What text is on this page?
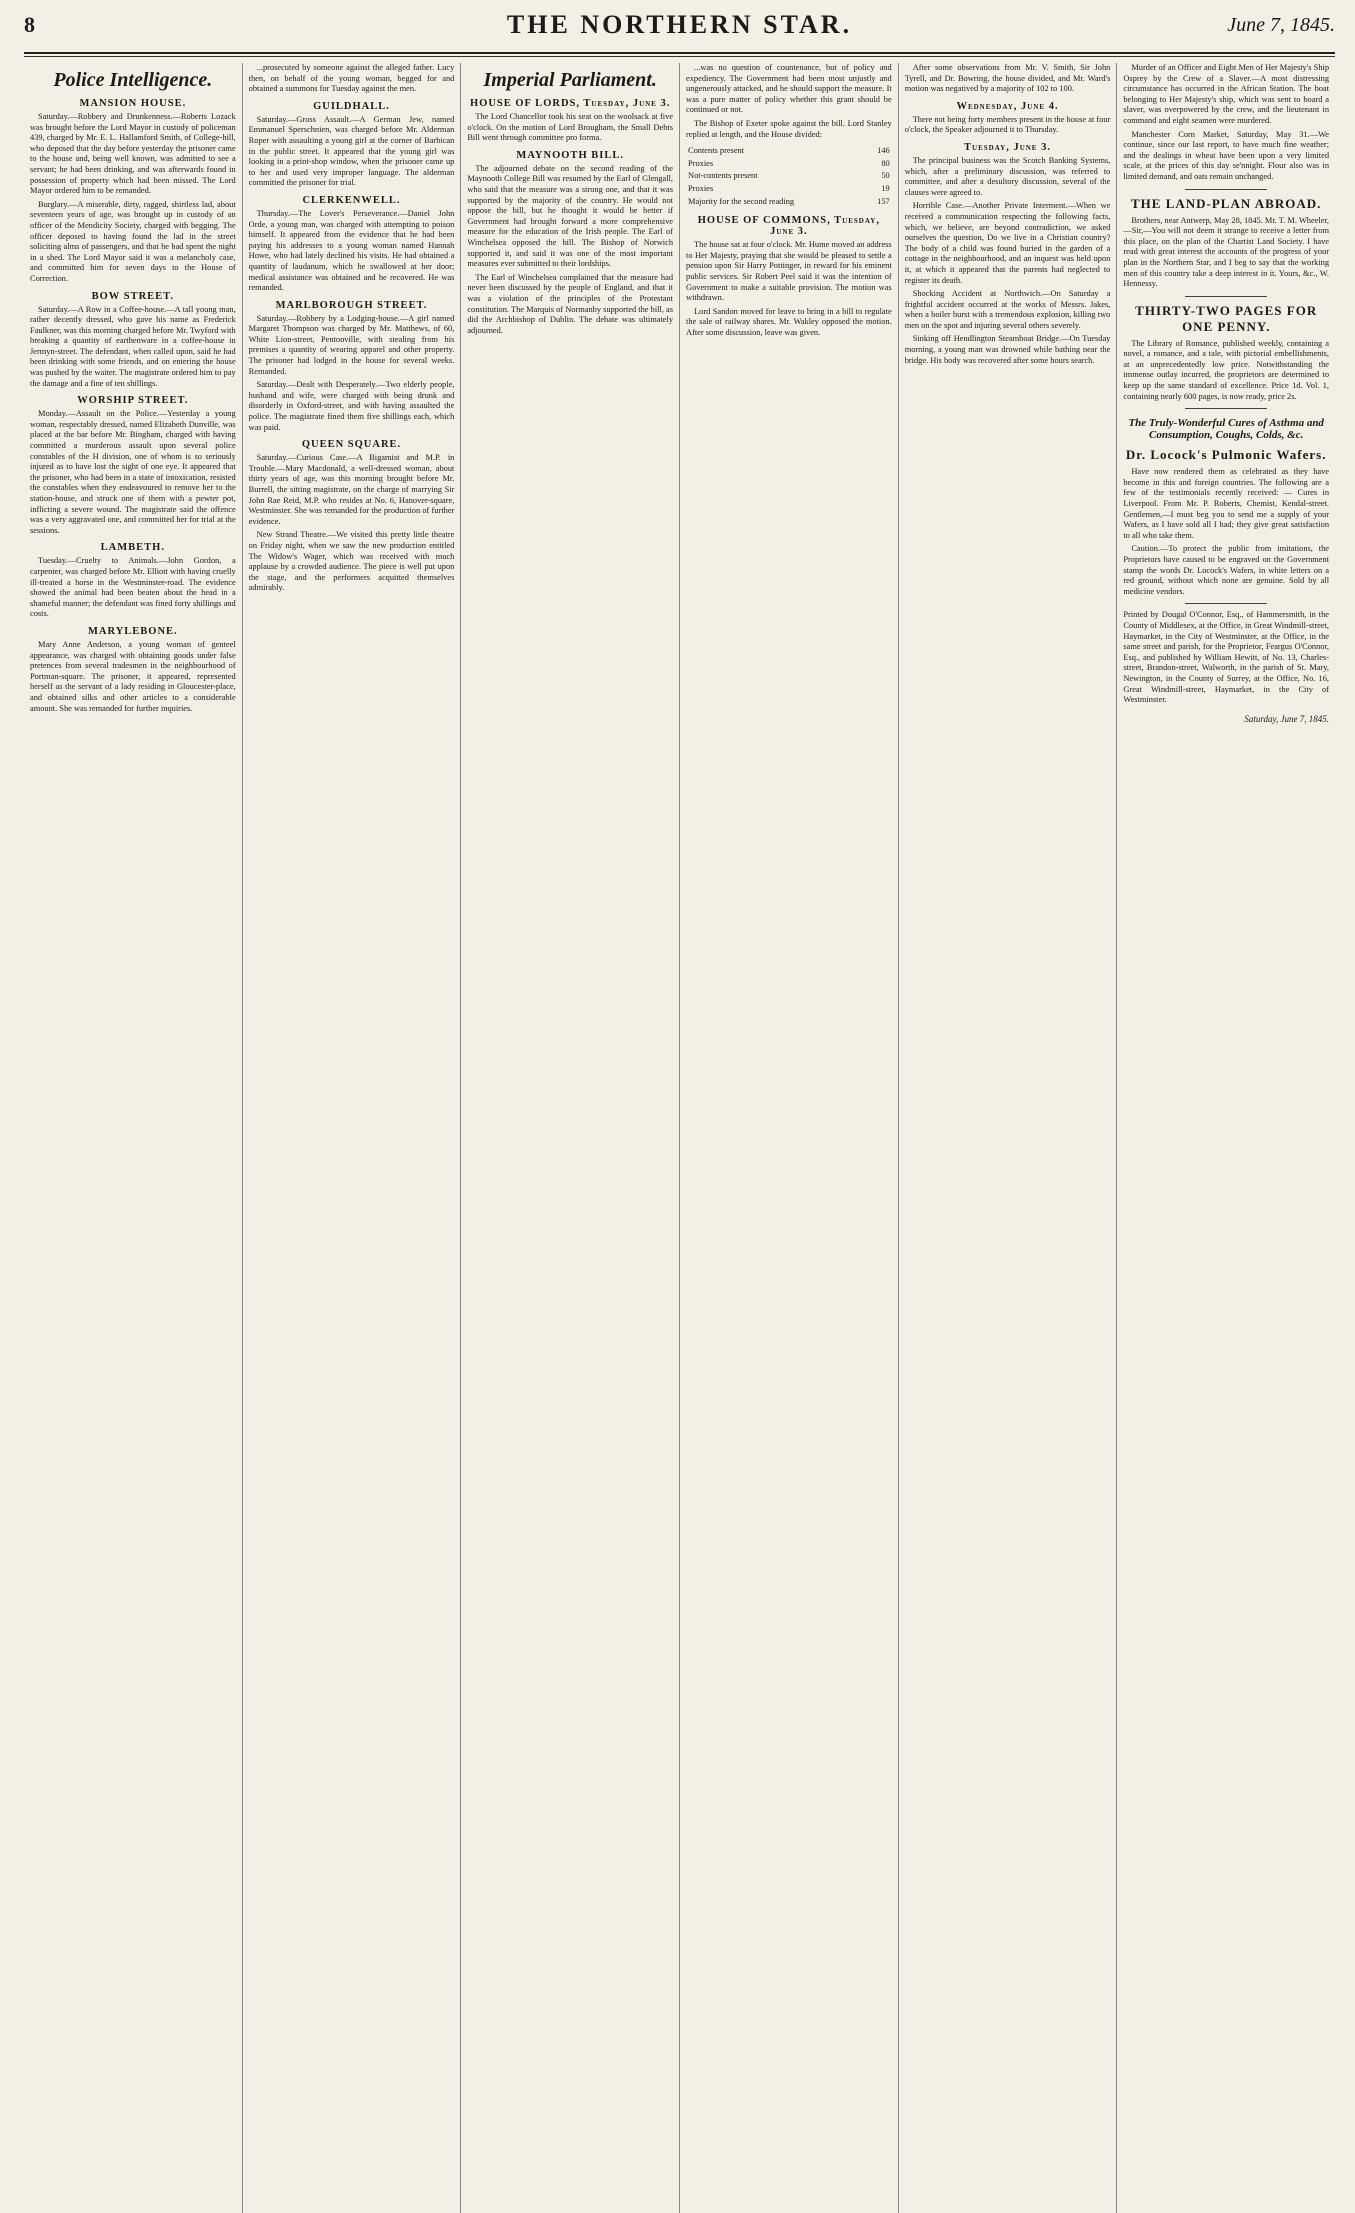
8	THE NORTHERN STAR.	June 7, 1845.
Police Intelligence.
MANSION HOUSE.

Saturday.—Robbery and Drunkenness.—Roberts Lozack was brought before the Lord Mayor in custody of policeman 439, charged by Mr. E. L. Hallamford Smith, of College-hill, who deposed that the day before yesterday the prisoner came to the house and, being well known, was admitted to see a servant; he had been drinking, and was afterwards found in possession of property which had been missed. The Lord Mayor ordered him to be remanded.

Burglary.—A miserable, dirty, ragged, shirtless lad, about seventeen years of age, was brought up in custody of an officer of the Mendicity Society, charged with begging. The officer deposed to having found the lad in the street soliciting alms of passengers, and that he had spent the night in a shed. The Lord Mayor said it was a melancholy case, and committed him for seven days to the House of Correction.

BOW STREET.

Saturday.—A Row in a Coffee-house.—A tall young man, rather decently dressed, who gave his name as Frederick Faulkner, was this morning charged before Mr. Twyford with breaking a quantity of earthenware in a coffee-house in Jermyn-street. The defendant, when called upon, said he had been drinking with some friends, and on entering the house was pushed by the waiter. The magistrate ordered him to pay the damage and a fine of ten shillings.

WORSHIP STREET.

Monday.—Assault on the Police.—Yesterday a young woman, respectably dressed, named Elizabeth Dunville, was placed at the bar before Mr. Bingham, charged with having committed a murderous assault upon several police constables of the H division, one of whom is so seriously injured as to have lost the sight of one eye. It appeared that the prisoner, who had been in a state of intoxication, resisted the constables when they endeavoured to remove her to the station-house, and struck one of them with a pewter pot, inflicting a severe wound. The magistrate said the offence was a very aggravated one, and committed her for trial at the sessions.

LAMBETH.

Tuesday.—Cruelty to Animals.—John Gordon, a carpenter, was charged before Mr. Elliott with having cruelly ill-treated a horse in the Westminster-road. The evidence showed the animal had been beaten about the head in a shameful manner; the defendant was fined forty shillings and costs.

MARYLEBONE.

Mary Anne Anderson, a young woman of genteel appearance, was charged with obtaining goods under false pretences from several tradesmen in the neighbourhood of Portman-square. The prisoner, it appeared, represented herself as the servant of a lady residing in Gloucester-place, and obtained silks and other articles to a considerable amount. She was remanded for further inquiries.

...prosecuted by someone against the alleged father. Lucy then, on behalf of the young woman, begged for and obtained a summons for Tuesday against the men.

GUILDHALL.

Saturday.—Gross Assault.—A German Jew, named Emmanuel Sperschnien, was charged before Mr. Alderman Roper with assaulting a young girl at the corner of Barbican in the public street. It appeared that the young girl was looking in a print-shop window, when the prisoner came up to her and used very improper language. The alderman committed the prisoner for trial.

CLERKENWELL.

Thursday.—The Lover's Perseverance.—Daniel John Orde, a young man, was charged with attempting to poison himself. It appeared from the evidence that he had been paying his addresses to a young woman named Hannah Howe, who had lately declined his visits. He had obtained a quantity of laudanum, which he swallowed at her door; medical assistance was obtained and he recovered. He was remanded.

MARLBOROUGH STREET.

Saturday.—Robbery by a Lodging-house.—A girl named Margaret Thompson was charged by Mr. Matthews, of 60, White Lion-street, Pentonville, with stealing from his premises a quantity of wearing apparel and other property. The prisoner had lodged in the house for several weeks. Remanded.

Saturday.—Dealt with Desperately.—Two elderly people, husband and wife, were charged with being drunk and disorderly in Oxford-street, and with having assaulted the police. The magistrate fined them five shillings each, which was paid.

QUEEN SQUARE.

Saturday.—Curious Case.—A Bigamist and M.P. in Trouble.—Mary Macdonald, a well-dressed woman, about thirty years of age, was this morning brought before Mr. Burrell, the sitting magistrate, on the charge of marrying Sir John Rae Reid, M.P. who resides at No. 6, Hanover-square, Westminster. She was remanded for the production of further evidence.

New Strand Theatre.—We visited this pretty little theatre on Friday night, when we saw the new production entitled The Widow's Wager, which was received with much applause by a crowded audience. The piece is well put upon the stage, and the performers acquitted themselves admirably.

Imperial Parliament.
HOUSE OF LORDS, Tuesday, June 3.

The Lord Chancellor took his seat on the woolsack at five o'clock. On the motion of Lord Brougham, the Small Debts Bill went through committee pro forma.

MAYNOOTH BILL.

The adjourned debate on the second reading of the Maynooth College Bill was resumed by the Earl of Glengall, who said that the measure was a strong one, and that it was supported by the majority of the country. He would not oppose the bill, but he thought it would be better if Government had brought forward a more comprehensive measure for the education of the Irish people. The Earl of Winchelsea opposed the bill. The Bishop of Norwich supported it, and said it was one of the most important measures ever submitted to their lordships.

The Earl of Winchelsea complained that the measure had never been discussed by the people of England, and that it was a violation of the principles of the Protestant constitution. The Marquis of Normanby supported the bill, as did the Archbishop of Dublin. The debate was ultimately adjourned.

...was no question of countenance, but of policy and expediency. The Government had been most unjustly and ungenerously attacked, and he should support the measure. It was a pure matter of policy whether this grant should be continued or not.

The Bishop of Exeter spoke against the bill. Lord Stanley replied at length, and the House divided:

Contents present	146
Proxies	80
Not-contents present	50
Proxies	19
Majority for the second reading	157
HOUSE OF COMMONS, Tuesday, June 3.

The house sat at four o'clock. Mr. Hume moved an address to Her Majesty, praying that she would be pleased to settle a pension upon Sir Harry Pottinger, in reward for his eminent public services. Sir Robert Peel said it was the intention of Government to make a suitable provision. The motion was withdrawn.

Lord Sandon moved for leave to bring in a bill to regulate the sale of railway shares. Mr. Wakley opposed the motion. After some discussion, leave was given.

After some observations from Mr. V. Smith, Sir John Tyrell, and Dr. Bowring, the house divided, and Mr. Ward's motion was negatived by a majority of 102 to 100.

Wednesday, June 4.

There not being forty members present in the house at four o'clock, the Speaker adjourned it to Thursday.

Tuesday, June 3.

The principal business was the Scotch Banking Systems, which, after a preliminary discussion, was referred to committee, and after a desultory discussion, several of the clauses were agreed to.

Horrible Case.—Another Private Interment.—When we received a communication respecting the following facts, which, we believe, are beyond contradiction, we asked ourselves the question, Do we live in a Christian country? The body of a child was found buried in the garden of a cottage in the neighbourhood, and an inquest was held upon it, at which it appeared that the parents had neglected to register its death.

Shocking Accident at Northwich.—On Saturday a frightful accident occurred at the works of Messrs. Jakes, when a boiler burst with a tremendous explosion, killing two men on the spot and injuring several others severely.

Sinking off Hendlington Steamboat Bridge.—On Tuesday morning, a young man was drowned while bathing near the bridge. His body was recovered after some hours search.

Murder of an Officer and Eight Men of Her Majesty's Ship Osprey by the Crew of a Slaver.—A most distressing circumstance has occurred in the African Station. The boat belonging to Her Majesty's ship, which was sent to board a slaver, was overpowered by the crew, and the lieutenant in command and eight seamen were murdered.

Manchester Corn Market, Saturday, May 31.—We continue, since our last report, to have much fine weather; and the dealings in wheat have been upon a very limited scale, at the prices of this day se'nnight. Flour also was in limited demand, and oats remain unchanged.

THE LAND-PLAN ABROAD.

Brothers, near Antwerp, May 28, 1845. Mr. T. M. Wheeler,—Sir,—You will not deem it strange to receive a letter from this place, on the plan of the Chartist Land Society. I have read with great interest the accounts of the progress of your plan in the Northern Star, and I beg to say that the working men of this country take a deep interest in it. Yours, &c., W. Hennessy.

THIRTY-TWO PAGES FOR ONE PENNY.

The Library of Romance, published weekly, containing a novel, a romance, and a tale, with pictorial embellishments, at an unprecedentedly low price. Notwithstanding the immense outlay incurred, the proprietors are determined to keep up the same standard of excellence. Price 1d. Vol. 1, containing nearly 600 pages, is now ready, price 2s.

The Truly-Wonderful Cures of Asthma and Consumption, Coughs, Colds, &c.
Dr. Locock's Pulmonic Wafers.

Have now rendered them as celebrated as they have become in this and foreign countries. The following are a few of the testimonials recently received: — Cures in Liverpool. From Mr. P. Roberts, Chemist, Kendal-street. Gentlemen,—I must beg you to send me a supply of your Wafers, as I have sold all I had; they give great satisfaction to all who take them.

Caution.—To protect the public from imitations, the Proprietors have caused to be engraved on the Government stamp the words Dr. Locock's Wafers, in white letters on a red ground, without which none are genuine. Sold by all medicine vendors.

Printed by Dougal O'Connor, Esq., of Hammersmith, in the County of Middlesex, at the Office, in Great Windmill-street, Haymarket, in the City of Westminster, at the Office, in the same street and parish, for the Proprietor, Feargus O'Connor, Esq., and published by William Hewitt, of No. 13, Charles-street, Brandon-street, Walworth, in the parish of St. Mary, Newington, in the County of Surrey, at the Office, No. 16, Great Windmill-street, Haymarket, in the City of Westminster.

Saturday, June 7, 1845.
